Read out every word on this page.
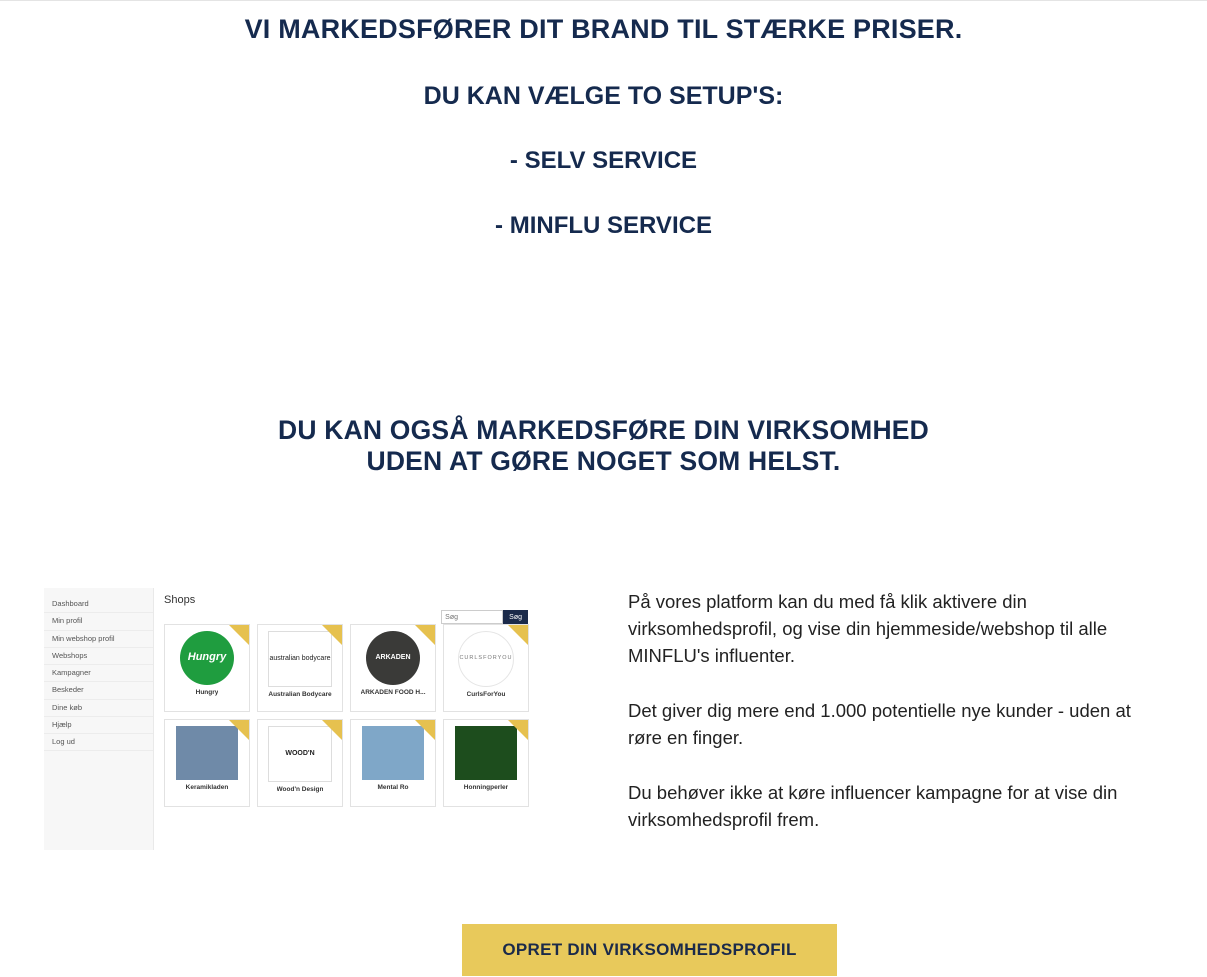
VI MARKEDSFØRER DIT BRAND TIL STÆRKE PRISER.
DU KAN VÆLGE TO SETUP'S:
- SELV SERVICE
- MINFLU SERVICE
DU KAN OGSÅ MARKEDSFØRE DIN VIRKSOMHED
UDEN AT GØRE NOGET SOM HELST.
Dashboard
Min profil
Min webshop profil
Webshops
Kampagner
Beskeder
Dine køb
Hjælp
Log ud
Shops
Søg
Søg
Hungry
Hungry
australian bodycare
Australian Bodycare
ARKADEN
ARKADEN FOOD H...
CURLSFORYOU
CurlsForYou
Keramikladen
WOOD'N
Wood'n Design	Mental Ro	Honningperler

På vores platform kan du med få klik aktivere din virksomhedsprofil, og vise din hjemmeside/webshop til alle MINFLU's influenter.

Det giver dig mere end 1.000 potentielle nye kunder - uden at røre en finger.

Du behøver ikke at køre influencer kampagne for at vise din virksomhedsprofil frem.

OPRET DIN VIRKSOMHEDSPROFIL
